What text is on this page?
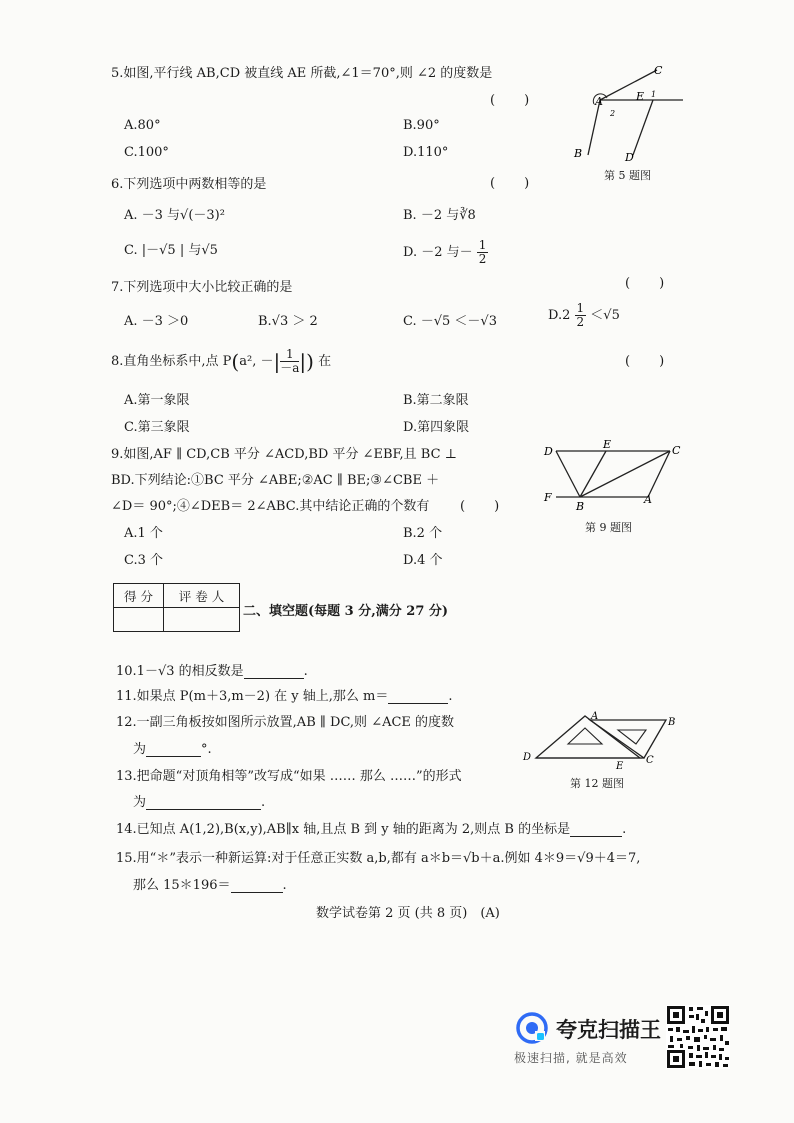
5.如图,平行线 AB,CD 被直线 AE 所截,∠1＝70°,则 ∠2 的度数是
(　　)
A.80°	B.90°
C.100°	D.110°
A	E
C
B	D
1
2
第 5 题图
6.下列选项中两数相等的是	(　　)
A. －3 与√(－3)²	B. －2 与∛8
C. |－√5 | 与√5	D. －2 与－ $\frac{1}{2}$
7.下列选项中大小比较正确的是	(　　)
A. －3 ＞0	B.√3 ＞ 2	C. －√5 ＜－√3	$D.2 \frac{1}{2} <√5$
8.直角坐标系中,点 P(a², －| $\frac{1}{-a}$ |) 在	(　　)
A.第一象限	B.第二象限
C.第三象限	D.第四象限
9.如图,AF ∥ CD,CB 平分 ∠ACD,BD 平分 ∠EBF,且 BC ⊥
BD.下列结论:①BC 平分 ∠ABE;②AC ∥ BE;③∠CBE ＋
∠D＝ 90°;④∠DEB＝ 2∠ABC.其中结论正确的个数有 (　　)
A.1 个	B.2 个
C.3 个	D.4 个
D
E	C
F
B
A
第 9 题图
得 分	评 卷 人

二、填空题(每题 3 分,满分 27 分)
10.1－√3 的相反数是	.
11.如果点 P(m＋3,m－2) 在 y 轴上,那么 m＝	.
12.一副三角板按如图所示放置,AB ∥ DC,则 ∠ACE 的度数
为	°.
A
B
D
E
C
第 12 题图
13.把命题“对顶角相等”改写成“如果 …… 那么 ……”的形式
为	.
14.已知点 A(1,2),B(x,y),AB∥x 轴,且点 B 到 y 轴的距离为 2,则点 B 的坐标是	.
15.用“＊”表示一种新运算:对于任意正实数 a,b,都有 a＊b＝√b＋a.例如 4＊9＝√9＋4＝7,
那么 15＊196＝	.
数学试卷第 2 页 (共 8 页)　(A)
夸克扫描王
极速扫描, 就是高效
